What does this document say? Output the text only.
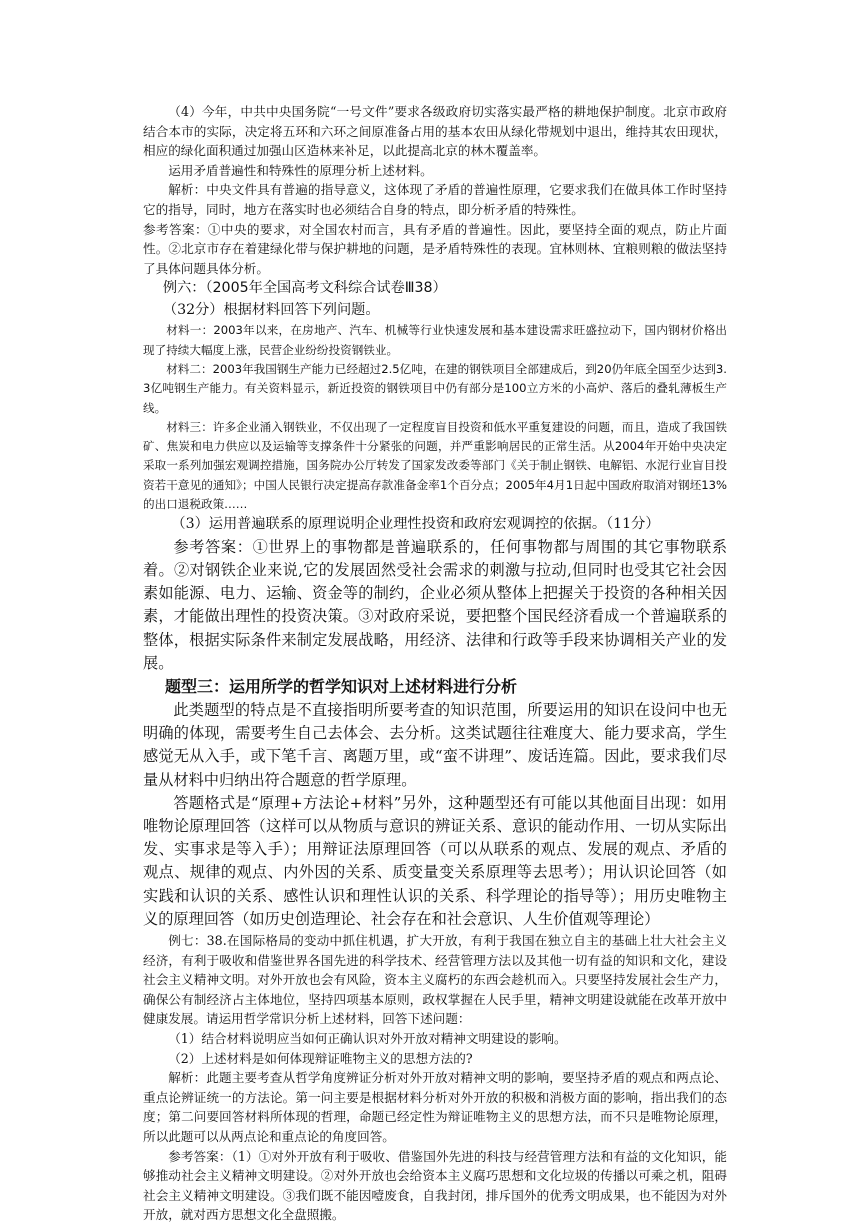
（4）今年，中共中央国务院“一号文件”要求各级政府切实落实最严格的耕地保护制度。北京市政府结合本市的实际，决定将五环和六环之间原准备占用的基本农田从绿化带规划中退出，维持其农田现状，相应的绿化面积通过加强山区造林来补足，以此提高北京的林木覆盖率。

运用矛盾普遍性和特殊性的原理分析上述材料。

解析：中央文件具有普遍的指导意义，这体现了矛盾的普遍性原理，它要求我们在做具体工作时坚持它的指导，同时，地方在落实时也必须结合自身的特点，即分析矛盾的特殊性。

参考答案：①中央的要求，对全国农村而言，具有矛盾的普遍性。因此，要坚持全面的观点，防止片面性。②北京市存在着建绿化带与保护耕地的问题，是矛盾特殊性的表现。宜林则林、宜粮则粮的做法坚持了具体问题具体分析。

例六：（2005年全国高考文科综合试卷Ⅲ38）

（32分）根据材料回答下列问题。

材料一：2003年以来，在房地产、汽车、机械等行业快速发展和基本建设需求旺盛拉动下，国内钢材价格出现了持续大幅度上涨，民营企业纷纷投资钢铁业。

材料二：2003年我国钢生产能力已经超过2.5亿吨，在建的钢铁项目全部建成后，到20仍年底全国至少达到3.3亿吨钢生产能力。有关资料显示，新近投资的钢铁项目中仍有部分是100立方米的小高炉、落后的叠轧薄板生产线。

材料三：许多企业涌入钢铁业，不仅出现了一定程度盲目投资和低水平重复建设的问题，而且，造成了我国铁矿、焦炭和电力供应以及运输等支撑条件十分紧张的问题，并严重影响居民的正常生活。从2004年开始中央决定采取一系列加强宏观调控措施，国务院办公厅转发了国家发改委等部门《关于制止钢铁、电解铝、水泥行业盲目投资若干意见的通知》；中国人民银行决定提高存款准备金率1个百分点；2005年4月1日起中国政府取消对钢坯13%的出口退税政策……

（3）运用普遍联系的原理说明企业理性投资和政府宏观调控的依据。（11分）

参考答案：①世界上的事物都是普遍联系的，任何事物都与周围的其它事物联系着。②对钢铁企业来说,它的发展固然受社会需求的刺激与拉动,但同时也受其它社会因素如能源、电力、运输、资金等的制约，企业必须从整体上把握关于投资的各种相关因素，才能做出理性的投资决策。③对政府采说，要把整个国民经济看成一个普遍联系的整体，根据实际条件来制定发展战略，用经济、法律和行政等手段来协调相关产业的发展。

题型三：运用所学的哲学知识对上述材料进行分析

此类题型的特点是不直接指明所要考查的知识范围，所要运用的知识在设问中也无明确的体现，需要考生自己去体会、去分析。这类试题往往难度大、能力要求高，学生感觉无从入手，或下笔千言、离题万里，或“蛮不讲理”、废话连篇。因此，要求我们尽量从材料中归纳出符合题意的哲学原理。

答题格式是“原理+方法论+材料”另外，这种题型还有可能以其他面目出现：如用唯物论原理回答（这样可以从物质与意识的辨证关系、意识的能动作用、一切从实际出发、实事求是等入手）；用辩证法原理回答（可以从联系的观点、发展的观点、矛盾的观点、规律的观点、内外因的关系、质变量变关系原理等去思考）；用认识论回答（如实践和认识的关系、感性认识和理性认识的关系、科学理论的指导等）；用历史唯物主义的原理回答（如历史创造理论、社会存在和社会意识、人生价值观等理论）

例七：38.在国际格局的变动中抓住机遇，扩大开放，有利于我国在独立自主的基础上壮大社会主义经济，有利于吸收和借鉴世界各国先进的科学技术、经营管理方法以及其他一切有益的知识和文化，建设社会主义精神文明。对外开放也会有风险，资本主义腐朽的东西会趁机而入。只要坚持发展社会生产力，确保公有制经济占主体地位，坚持四项基本原则，政权掌握在人民手里，精神文明建设就能在改革开放中健康发展。请运用哲学常识分析上述材料，回答下述问题：

（1）结合材料说明应当如何正确认识对外开放对精神文明建设的影响。

（2）上述材料是如何体现辩证唯物主义的思想方法的?

解析：此题主要考查从哲学角度辨证分析对外开放对精神文明的影响，要坚持矛盾的观点和两点论、重点论辨证统一的方法论。第一问主要是根据材料分析对外开放的积极和消极方面的影响，指出我们的态度；第二问要回答材料所体现的哲理，命题已经定性为辩证唯物主义的思想方法，而不只是唯物论原理，所以此题可以从两点论和重点论的角度回答。

参考答案：（1）①对外开放有利于吸收、借鉴国外先进的科技与经营管理方法和有益的文化知识，能够推动社会主义精神文明建设。②对外开放也会给资本主义腐巧思想和文化垃圾的传播以可乘之机，阻碍社会主义精神文明建设。③我们既不能因噎废食，自我封闭，排斥国外的优秀文明成果，也不能因为对外开放，就对西方思想文化全盘照搬。
